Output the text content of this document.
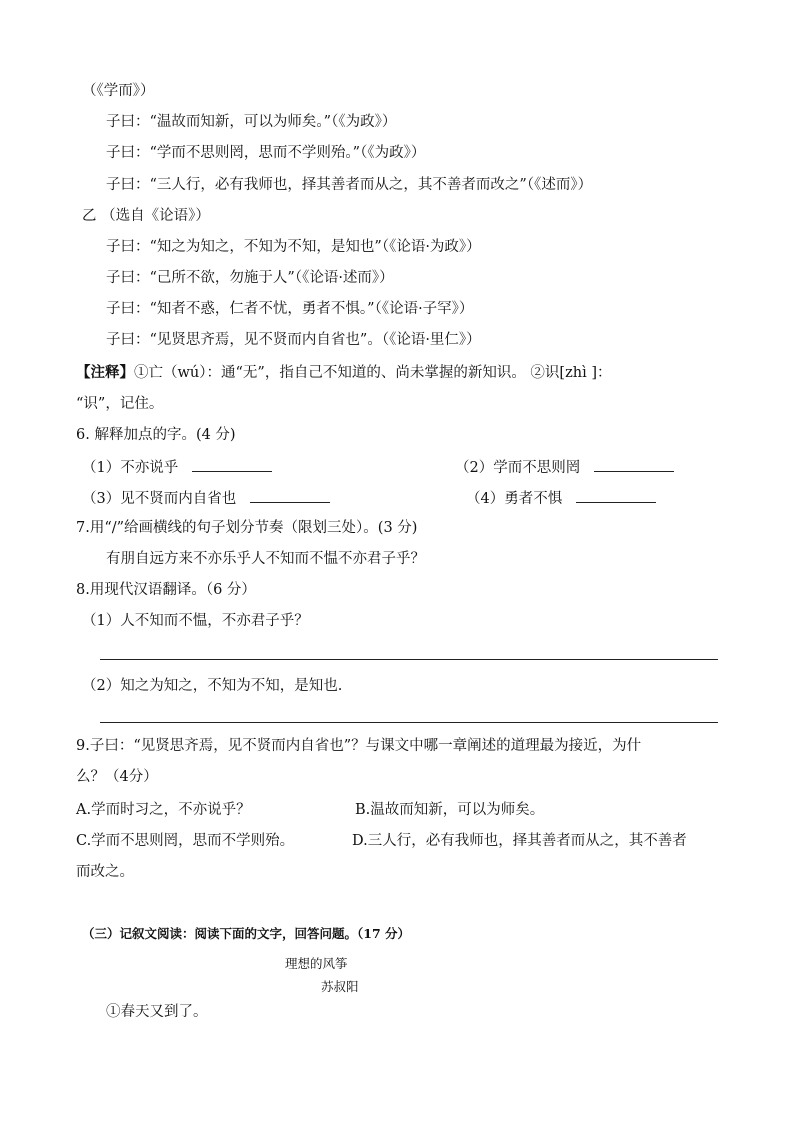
（《学而》）
子曰：“温故而知新，可以为师矣。”（《为政》）
子曰：“学而不思则罔，思而不学则殆。”（《为政》）
子曰：“三人行，必有我师也，择其善者而从之，其不善者而改之”（《述而》）
乙 （选自《论语》）
子曰：“知之为知之，不知为不知，是知也”（《论语·为政》）
子曰：“己所不欲，勿施于人”（《论语·述而》）
子曰：“知者不惑，仁者不忧，勇者不惧。”（《论语·子罕》）
子曰：“见贤思齐焉，见不贤而内自省也”。（《论语·里仁》）
【注释】①亡（wú）：通“无”，指自己不知道的、尚未掌握的新知识。 ②识[zhì ]：
“识”，记住。
6. 解释加点的字。(4 分)
（1）不亦说乎	（2）学而不思则罔
（3）见不贤而内自省也	（4）勇者不惧
7.用“/”给画横线的句子划分节奏（限划三处）。(3 分)
有朋自远方来不亦乐乎人不知而不愠不亦君子乎？
8.用现代汉语翻译。（6 分）
（1）人不知而不愠，不亦君子乎？
（2）知之为知之，不知为不知，是知也.
9.子曰：“见贤思齐焉，见不贤而内自省也”？与课文中哪一章阐述的道理最为接近，为什
么？（4分）
A.学而时习之，不亦说乎？	B.温故而知新，可以为师矣。
C.学而不思则罔，思而不学则殆。	D.三人行，必有我师也，择其善者而从之，其不善者
而改之。
（三）记叙文阅读：阅读下面的文字，回答问题。（17 分）
理想的风筝
苏叔阳
①春天又到了。
